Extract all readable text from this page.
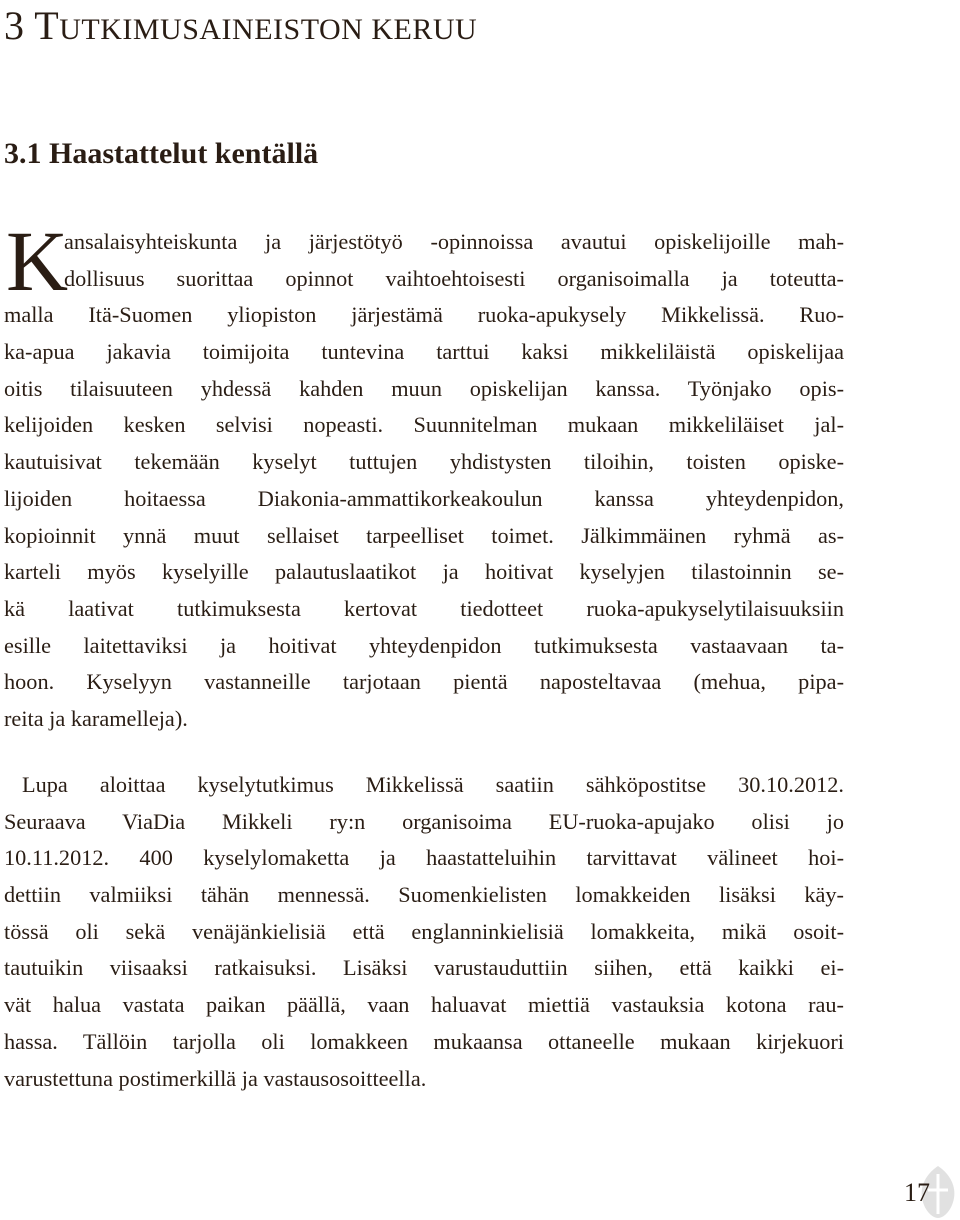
3 TUTKIMUSAINEISTON KERUU
3.1 Haastattelut kentällä
K
ansalaisyhteiskunta ja järjestötyö -opinnoissa avautui opiskelijoille mah-
dollisuus suorittaa opinnot vaihtoehtoisesti organisoimalla ja toteutta-
malla Itä-Suomen yliopiston järjestämä ruoka-apukysely Mikkelissä. Ruo-
ka-apua jakavia toimijoita tuntevina tarttui kaksi mikkeliläistä opiskelijaa
oitis tilaisuuteen yhdessä kahden muun opiskelijan kanssa. Työnjako opis-
kelijoiden kesken selvisi nopeasti. Suunnitelman mukaan mikkeliläiset jal-
kautuisivat tekemään kyselyt tuttujen yhdistysten tiloihin, toisten opiske-
lijoiden hoitaessa Diakonia-ammattikorkeakoulun kanssa yhteydenpidon,
kopioinnit ynnä muut sellaiset tarpeelliset toimet. Jälkimmäinen ryhmä as-
karteli myös kyselyille palautuslaatikot ja hoitivat kyselyjen tilastoinnin se-
kä laativat tutkimuksesta kertovat tiedotteet ruoka-apukyselytilaisuuksiin
esille laitettaviksi ja hoitivat yhteydenpidon tutkimuksesta vastaavaan ta-
hoon. Kyselyyn vastanneille tarjotaan pientä naposteltavaa (mehua, pipa-
reita ja karamelleja).
Lupa aloittaa kyselytutkimus Mikkelissä saatiin sähköpostitse 30.10.2012.
Seuraava ViaDia Mikkeli ry:n organisoima EU-ruoka-apujako olisi jo
10.11.2012. 400 kyselylomaketta ja haastatteluihin tarvittavat välineet hoi-
dettiin valmiiksi tähän mennessä. Suomenkielisten lomakkeiden lisäksi käy-
tössä oli sekä venäjänkielisiä että englanninkielisiä lomakkeita, mikä osoit-
tautuikin viisaaksi ratkaisuksi. Lisäksi varustauduttiin siihen, että kaikki ei-
vät halua vastata paikan päällä, vaan haluavat miettiä vastauksia kotona rau-
hassa. Tällöin tarjolla oli lomakkeen mukaansa ottaneelle mukaan kirjekuori
varustettuna postimerkillä ja vastausosoitteella.
17
